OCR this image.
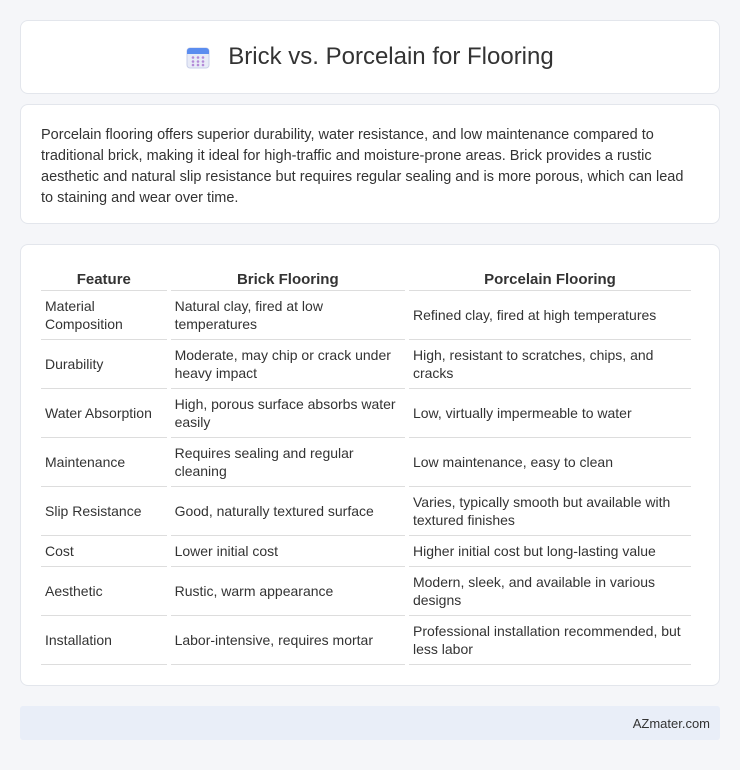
Brick vs. Porcelain for Flooring

Porcelain flooring offers superior durability, water resistance, and low maintenance compared to traditional brick, making it ideal for high-traffic and moisture-prone areas. Brick provides a rustic aesthetic and natural slip resistance but requires regular sealing and is more porous, which can lead to staining and wear over time.

Feature	Brick Flooring	Porcelain Flooring
Material Composition	Natural clay, fired at low temperatures	Refined clay, fired at high temperatures
Durability	Moderate, may chip or crack under heavy impact	High, resistant to scratches, chips, and cracks
Water Absorption	High, porous surface absorbs water easily	Low, virtually impermeable to water
Maintenance	Requires sealing and regular cleaning	Low maintenance, easy to clean
Slip Resistance	Good, naturally textured surface	Varies, typically smooth but available with textured finishes
Cost	Lower initial cost	Higher initial cost but long-lasting value
Aesthetic	Rustic, warm appearance	Modern, sleek, and available in various designs
Installation	Labor-intensive, requires mortar	Professional installation recommended, but less labor
AZmater.com
